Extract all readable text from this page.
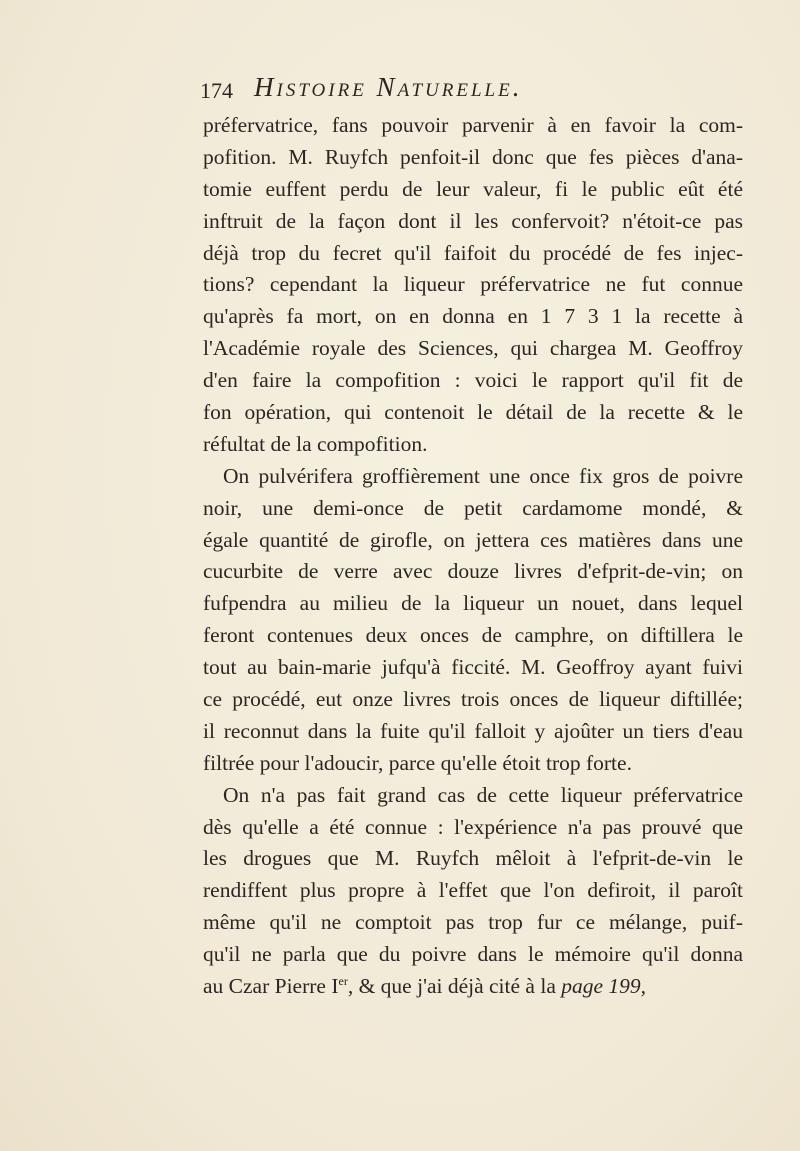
174 Histoire Naturelle.
préfervatrice, fans pouvoir parvenir à en favoir la com-
pofition. M. Ruyfch penfoit-il donc que fes pièces d'ana-
tomie euffent perdu de leur valeur, fi le public eût été
inftruit de la façon dont il les confervoit? n'étoit-ce pas
déjà trop du fecret qu'il faifoit du procédé de fes injec-
tions? cependant la liqueur préfervatrice ne fut connue
qu'après fa mort, on en donna en 1 7 3 1 la recette à
l'Académie royale des Sciences, qui chargea M. Geoffroy
d'en faire la compofition : voici le rapport qu'il fit de
fon opération, qui contenoit le détail de la recette & le
réfultat de la compofition.
On pulvérifera groffièrement une once fix gros de poivre
noir, une demi-once de petit cardamome mondé, &
égale quantité de girofle, on jettera ces matières dans une
cucurbite de verre avec douze livres d'efprit-de-vin; on
fufpendra au milieu de la liqueur un nouet, dans lequel
feront contenues deux onces de camphre, on diftillera le
tout au bain-marie jufqu'à ficcité. M. Geoffroy ayant fuivi
ce procédé, eut onze livres trois onces de liqueur diftillée;
il reconnut dans la fuite qu'il falloit y ajoûter un tiers d'eau
filtrée pour l'adoucir, parce qu'elle étoit trop forte.
On n'a pas fait grand cas de cette liqueur préfervatrice
dès qu'elle a été connue : l'expérience n'a pas prouvé que
les drogues que M. Ruyfch mêloit à l'efprit-de-vin le
rendiffent plus propre à l'effet que l'on defiroit, il paroît
même qu'il ne comptoit pas trop fur ce mélange, puif-
qu'il ne parla que du poivre dans le mémoire qu'il donna
au Czar Pierre Ier, & que j'ai déjà cité à la page 199,
